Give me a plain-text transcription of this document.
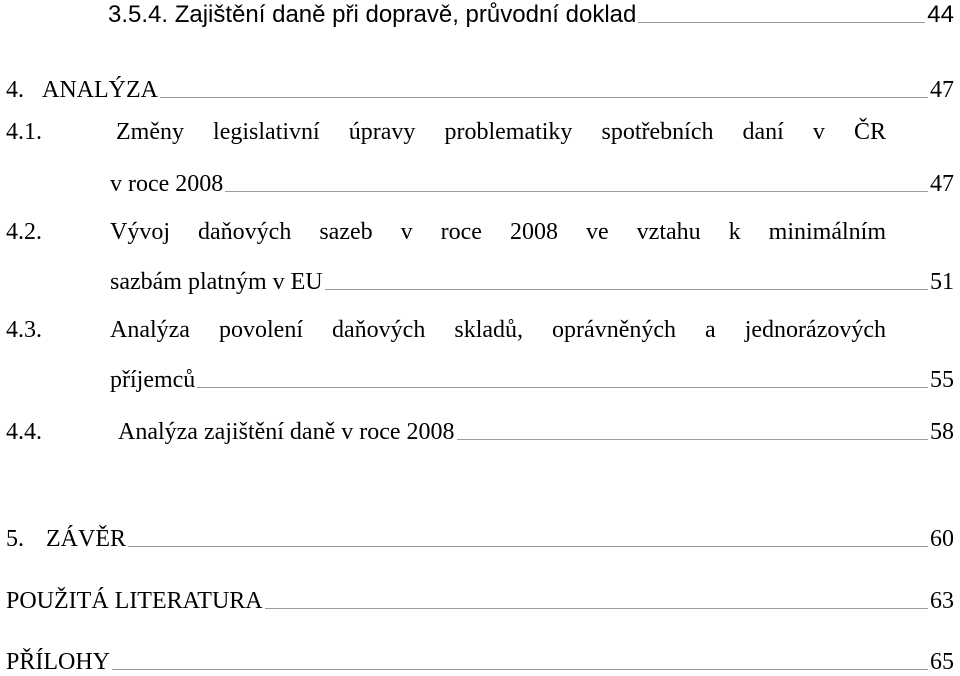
3.5.4. Zajištění daně při dopravě, průvodní doklad	44
4. ANALÝZA	47
4.1.	Změny legislativní úpravy problematiky spotřebních daní v ČR
v roce 2008	47
4.2.	Vývoj daňových sazeb v roce 2008 ve vztahu k minimálním
sazbám platným v EU	51
4.3.	Analýza povolení daňových skladů, oprávněných a jednorázových
příjemců	55
4.4.	Analýza zajištění daně v roce 2008	58
5. ZÁVĚR	60
POUŽITÁ LITERATURA	63
PŘÍLOHY	65
